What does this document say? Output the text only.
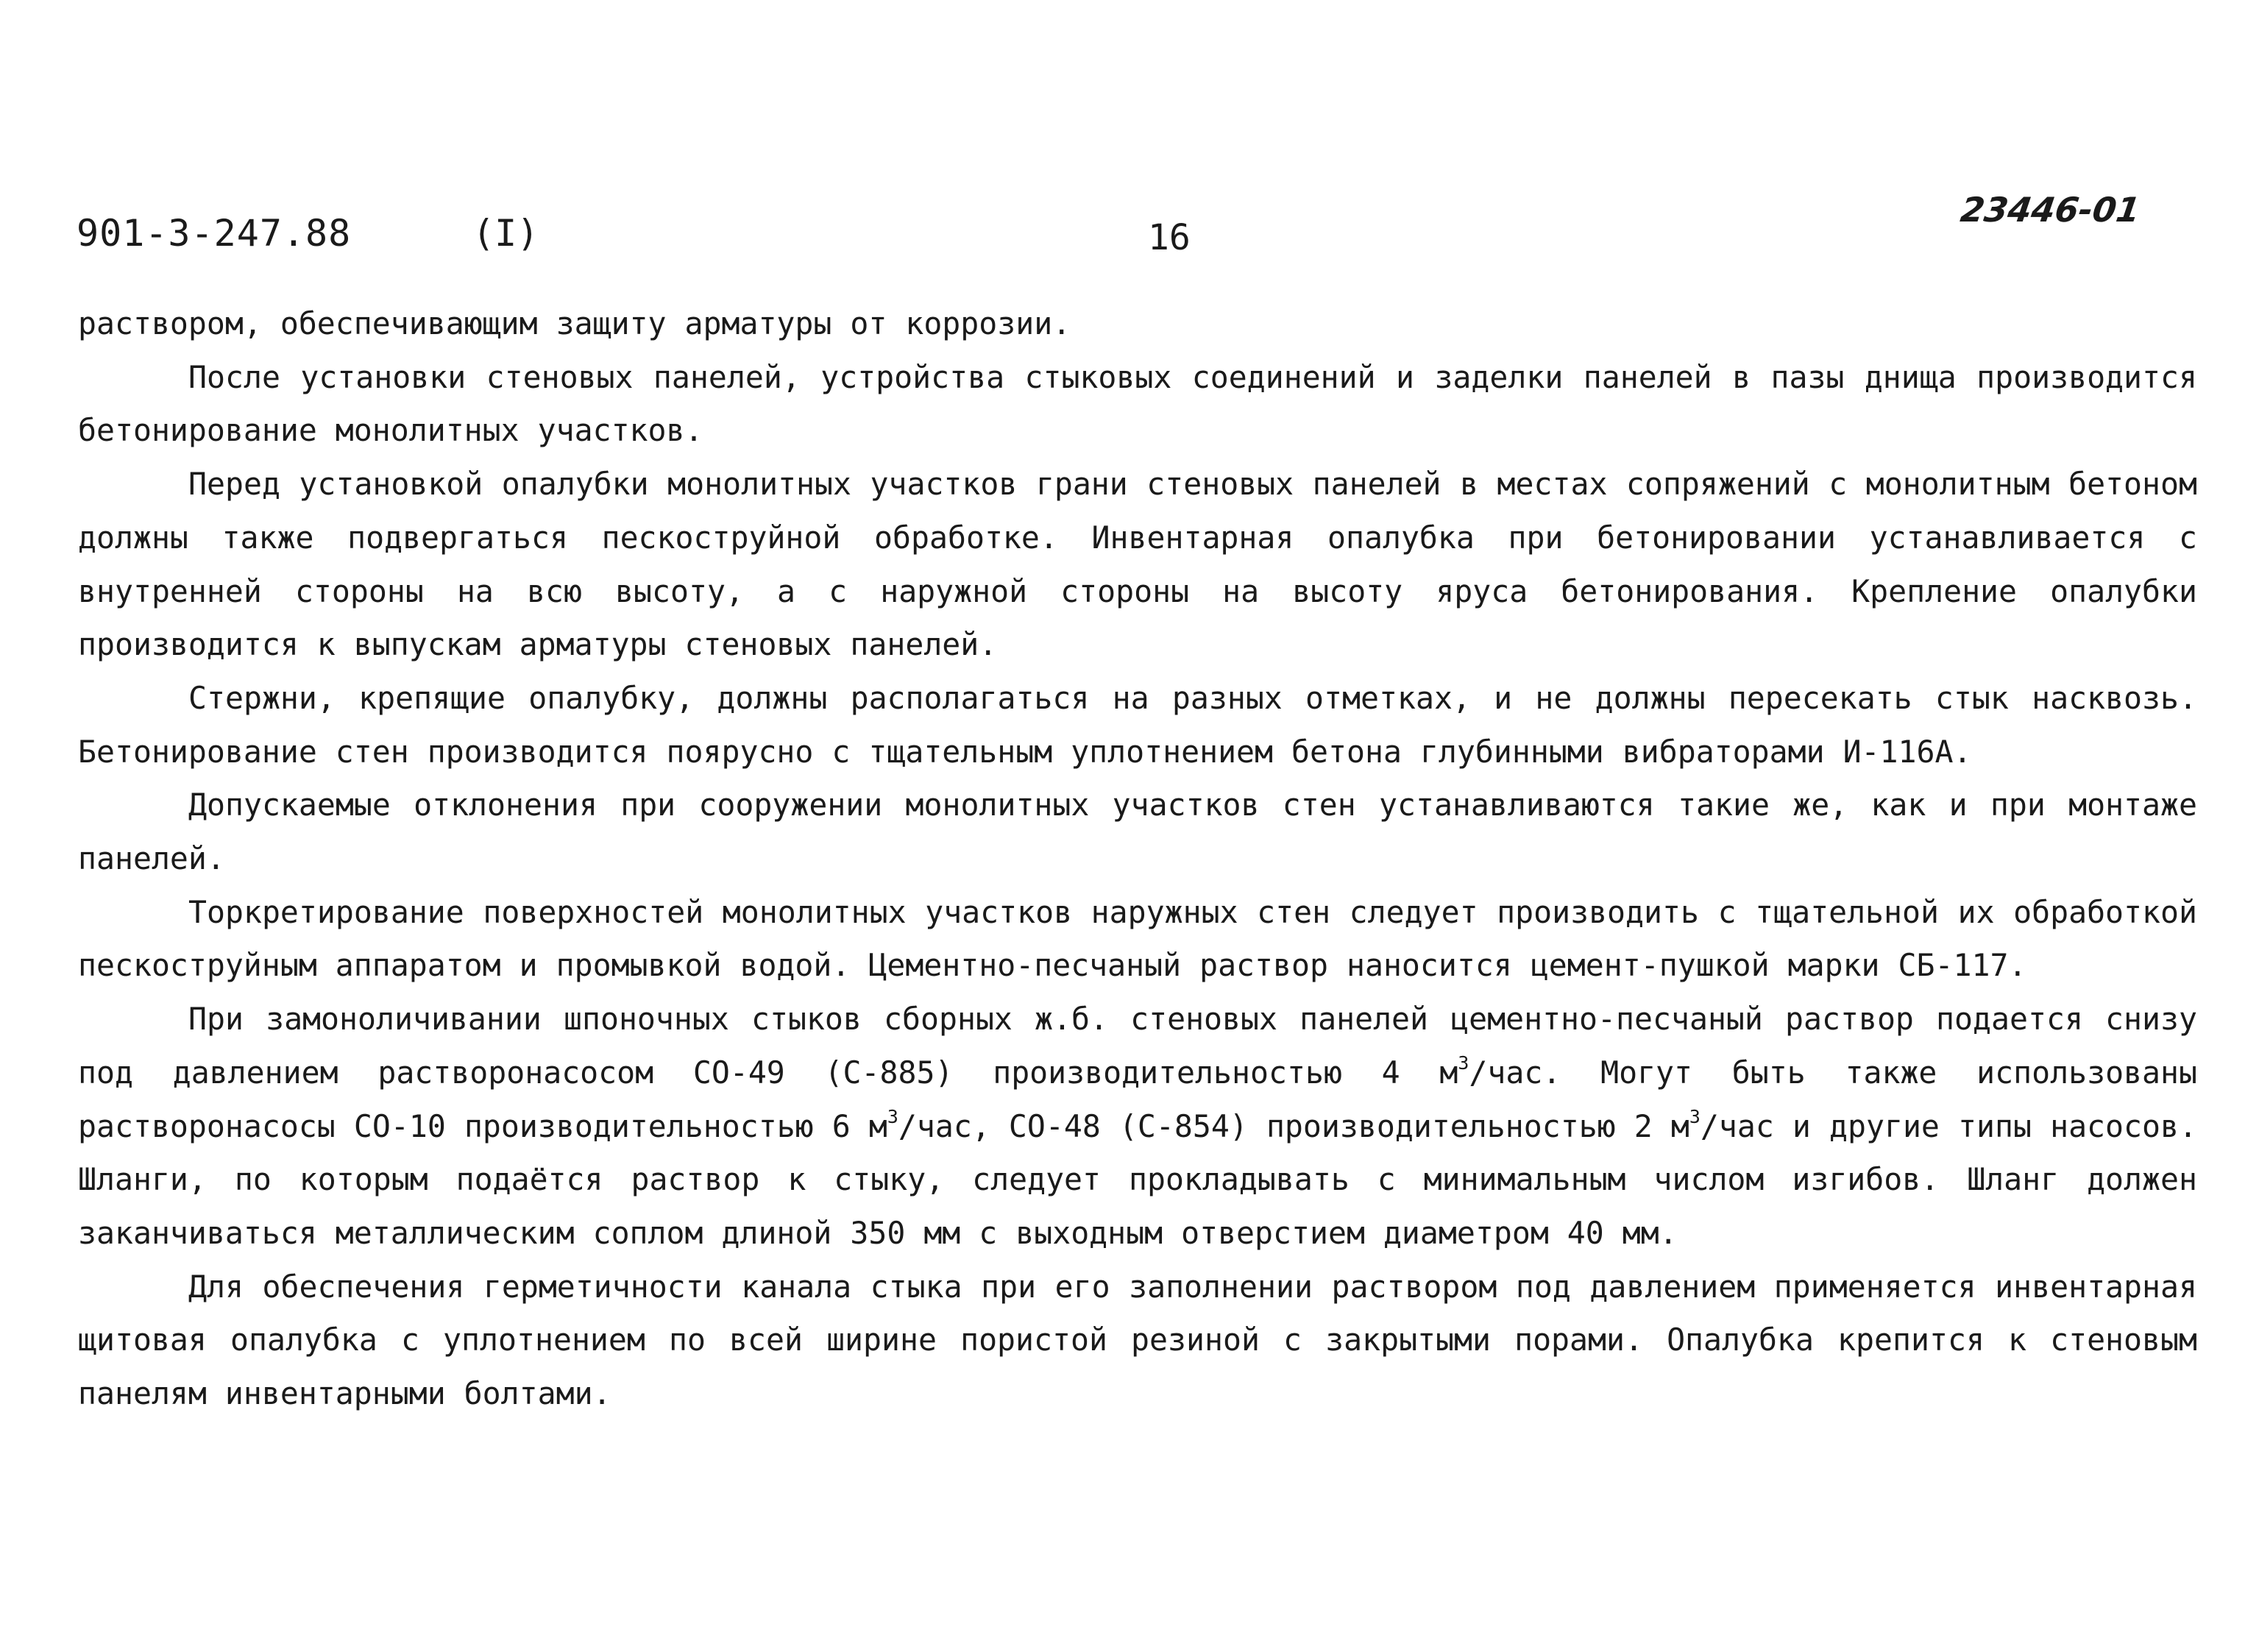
901-3-247.88	(I)	16
23446-01

раствором, обеспечивающим защиту арматуры от коррозии.

После установки стеновых панелей, устройства стыковых соединений и заделки панелей в пазы днища производится бетонирование монолитных участков.

Перед установкой опалубки монолитных участков грани стеновых панелей в местах сопряжений с монолитным бетоном должны также подвергаться пескоструйной обработке. Инвентарная опалубка при бетонировании устанавливается с внутренней стороны на всю высоту, а с наружной стороны на высоту яруса бетонирования. Крепление опалубки производится к выпускам арматуры стеновых панелей.

Стержни, крепящие опалубку, должны располагаться на разных отметках, и не должны пересекать стык насквозь. Бетонирование стен производится поярусно с тщательным уплотнением бетона глубинными вибраторами И-116А.

Допускаемые отклонения при сооружении монолитных участков стен устанавливаются такие же, как и при монтаже панелей.

Торкретирование поверхностей монолитных участков наружных стен следует производить с тщательной их обработкой пескоструйным аппаратом и промывкой водой. Цементно-песчаный раствор наносится цемент-пушкой марки СБ-117.

При замоноличивании шпоночных стыков сборных ж.б. стеновых панелей цементно-песчаный раствор подается снизу под давлением растворонасосом СО-49 (С-885) производительностью 4 $м^3$/час. Могут быть также использованы растворонасосы СО-10 производительностью 6 $м^3$/час, СО-48 (С-854) производительностью 2 $м^3$/час и другие типы насосов. Шланги, по которым подаётся раствор к стыку, следует прокладывать с минимальным числом изгибов. Шланг должен заканчиваться металлическим соплом длиной 350 мм с выходным отверстием диаметром 40 мм.

Для обеспечения герметичности канала стыка при его заполнении раствором под давлением применяется инвентарная щитовая опалубка с уплотнением по всей ширине пористой резиной с закрытыми порами. Опалубка крепится к стеновым панелям инвентарными болтами.
